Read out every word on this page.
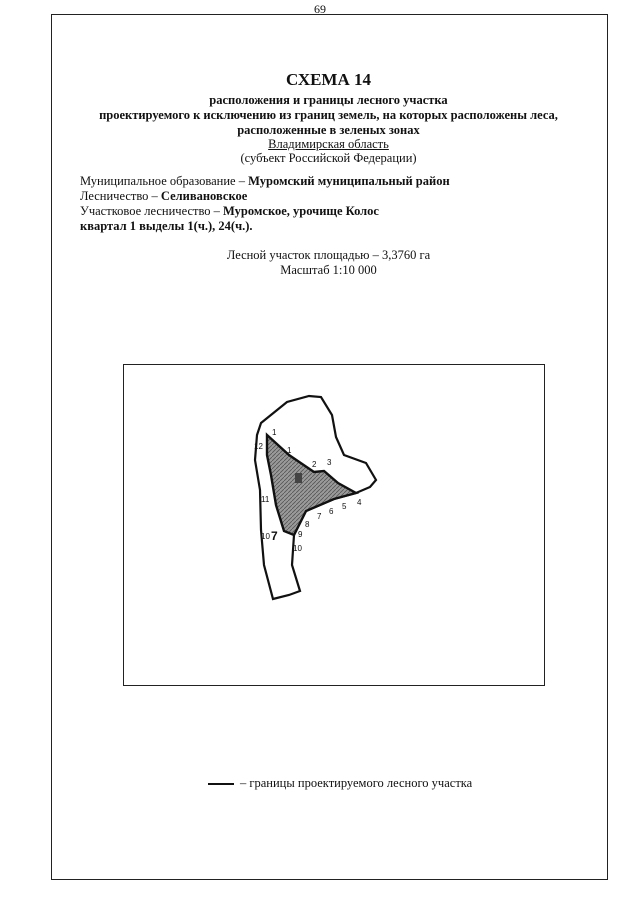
69
СХЕМА 14
расположения и границы лесного участка
проектируемого к исключению из границ земель, на которых расположены леса,
расположенные в зеленых зонах
Владимирская область
(субъект Российской Федерации)
Муниципальное образование – Муромский муниципальный район
Лесничество – Селивановское
Участковое лесничество – Муромское, урочище Колос
квартал 1 выделы 1(ч.), 24(ч.).
Лесной участок площадью – 3,3760 га
Масштаб 1:10 000
1
12	1
2 3
4
5
6
7
8
9
10
11
10 7
– границы проектируемого лесного участка
